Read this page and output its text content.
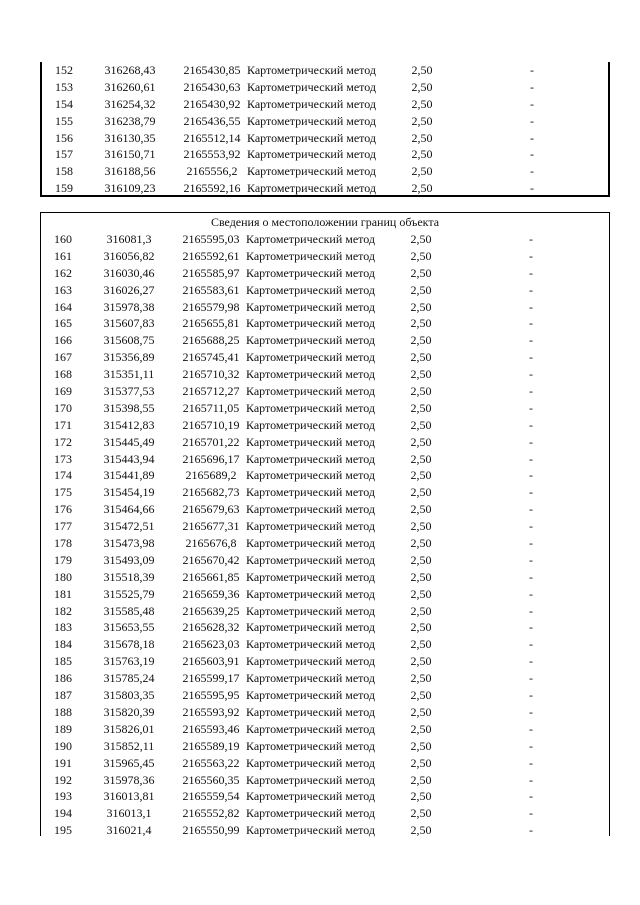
152	316268,43	2165430,85 Картометрический метод	2,50	-
153	316260,61	2165430,63 Картометрический метод	2,50	-
154	316254,32	2165430,92 Картометрический метод	2,50	-
155	316238,79	2165436,55 Картометрический метод	2,50	-
156	316130,35	2165512,14 Картометрический метод	2,50	-
157	316150,71	2165553,92 Картометрический метод	2,50	-
158	316188,56	2165556,2 Картометрический метод	2,50	-
159	316109,23	2165592,16 Картометрический метод	2,50	-
Сведения о местоположении границ объекта
160	316081,3	2165595,03 Картометрический метод	2,50	-
161	316056,82	2165592,61 Картометрический метод	2,50	-
162	316030,46	2165585,97 Картометрический метод	2,50	-
163	316026,27	2165583,61 Картометрический метод	2,50	-
164	315978,38	2165579,98 Картометрический метод	2,50	-
165	315607,83	2165655,81 Картометрический метод	2,50	-
166	315608,75	2165688,25 Картометрический метод	2,50	-
167	315356,89	2165745,41 Картометрический метод	2,50	-
168	315351,11	2165710,32 Картометрический метод	2,50	-
169	315377,53	2165712,27 Картометрический метод	2,50	-
170	315398,55	2165711,05 Картометрический метод	2,50	-
171	315412,83	2165710,19 Картометрический метод	2,50	-
172	315445,49	2165701,22 Картометрический метод	2,50	-
173	315443,94	2165696,17 Картометрический метод	2,50	-
174	315441,89	2165689,2 Картометрический метод	2,50	-
175	315454,19	2165682,73 Картометрический метод	2,50	-
176	315464,66	2165679,63 Картометрический метод	2,50	-
177	315472,51	2165677,31 Картометрический метод	2,50	-
178	315473,98	2165676,8 Картометрический метод	2,50	-
179	315493,09	2165670,42 Картометрический метод	2,50	-
180	315518,39	2165661,85 Картометрический метод	2,50	-
181	315525,79	2165659,36 Картометрический метод	2,50	-
182	315585,48	2165639,25 Картометрический метод	2,50	-
183	315653,55	2165628,32 Картометрический метод	2,50	-
184	315678,18	2165623,03 Картометрический метод	2,50	-
185	315763,19	2165603,91 Картометрический метод	2,50	-
186	315785,24	2165599,17 Картометрический метод	2,50	-
187	315803,35	2165595,95 Картометрический метод	2,50	-
188	315820,39	2165593,92 Картометрический метод	2,50	-
189	315826,01	2165593,46 Картометрический метод	2,50	-
190	315852,11	2165589,19 Картометрический метод	2,50	-
191	315965,45	2165563,22 Картометрический метод	2,50	-
192	315978,36	2165560,35 Картометрический метод	2,50	-
193	316013,81	2165559,54 Картометрический метод	2,50	-
194	316013,1	2165552,82 Картометрический метод	2,50	-
195	316021,4	2165550,99 Картометрический метод	2,50	-
